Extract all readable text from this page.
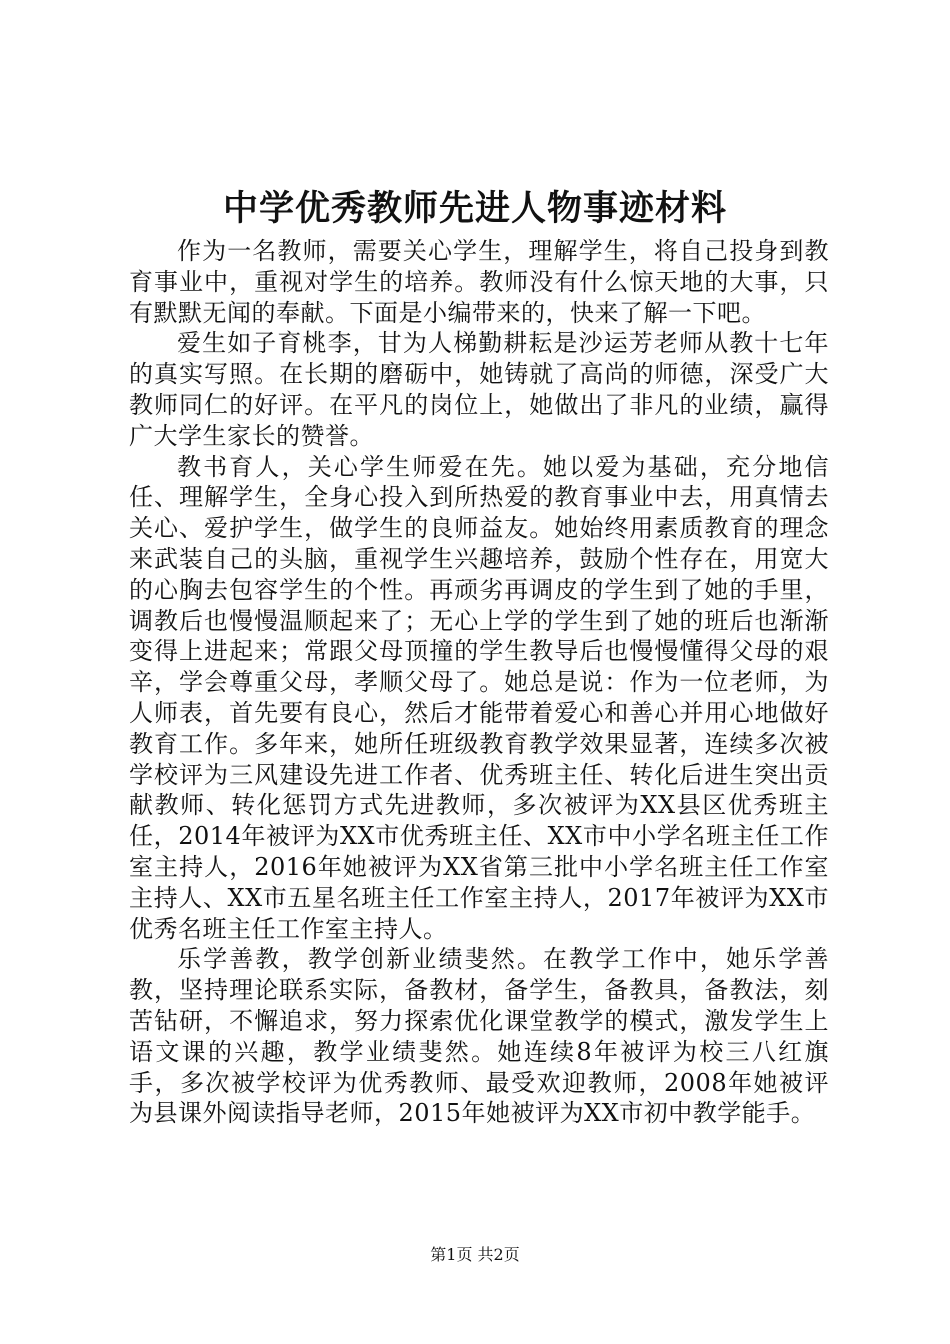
中学优秀教师先进人物事迹材料

作为一名教师，需要关心学生，理解学生，将自己投身到教育事业中，重视对学生的培养。教师没有什么惊天地的大事，只有默默无闻的奉献。下面是小编带来的，快来了解一下吧。

爱生如子育桃李，甘为人梯勤耕耘是沙运芳老师从教十七年的真实写照。在长期的磨砺中，她铸就了高尚的师德，深受广大教师同仁的好评。在平凡的岗位上，她做出了非凡的业绩，赢得广大学生家长的赞誉。

教书育人，关心学生师爱在先。她以爱为基础，充分地信任、理解学生，全身心投入到所热爱的教育事业中去，用真情去关心、爱护学生，做学生的良师益友。她始终用素质教育的理念来武装自己的头脑，重视学生兴趣培养，鼓励个性存在，用宽大的心胸去包容学生的个性。再顽劣再调皮的学生到了她的手里，调教后也慢慢温顺起来了；无心上学的学生到了她的班后也渐渐变得上进起来；常跟父母顶撞的学生教导后也慢慢懂得父母的艰辛，学会尊重父母，孝顺父母了。她总是说：作为一位老师，为人师表，首先要有良心，然后才能带着爱心和善心并用心地做好教育工作。多年来，她所任班级教育教学效果显著，连续多次被学校评为三风建设先进工作者、优秀班主任、转化后进生突出贡献教师、转化惩罚方式先进教师，多次被评为XX县区优秀班主任，2014年被评为XX市优秀班主任、XX市中小学名班主任工作室主持人，2016年她被评为XX省第三批中小学名班主任工作室主持人、XX市五星名班主任工作室主持人，2017年被评为XX市优秀名班主任工作室主持人。

乐学善教，教学创新业绩斐然。在教学工作中，她乐学善教，坚持理论联系实际，备教材，备学生，备教具，备教法，刻苦钻研，不懈追求，努力探索优化课堂教学的模式，激发学生上语文课的兴趣，教学业绩斐然。她连续8年被评为校三八红旗手，多次被学校评为优秀教师、最受欢迎教师，2008年她被评为县课外阅读指导老师，2015年她被评为XX市初中教学能手。

第1页 共2页
